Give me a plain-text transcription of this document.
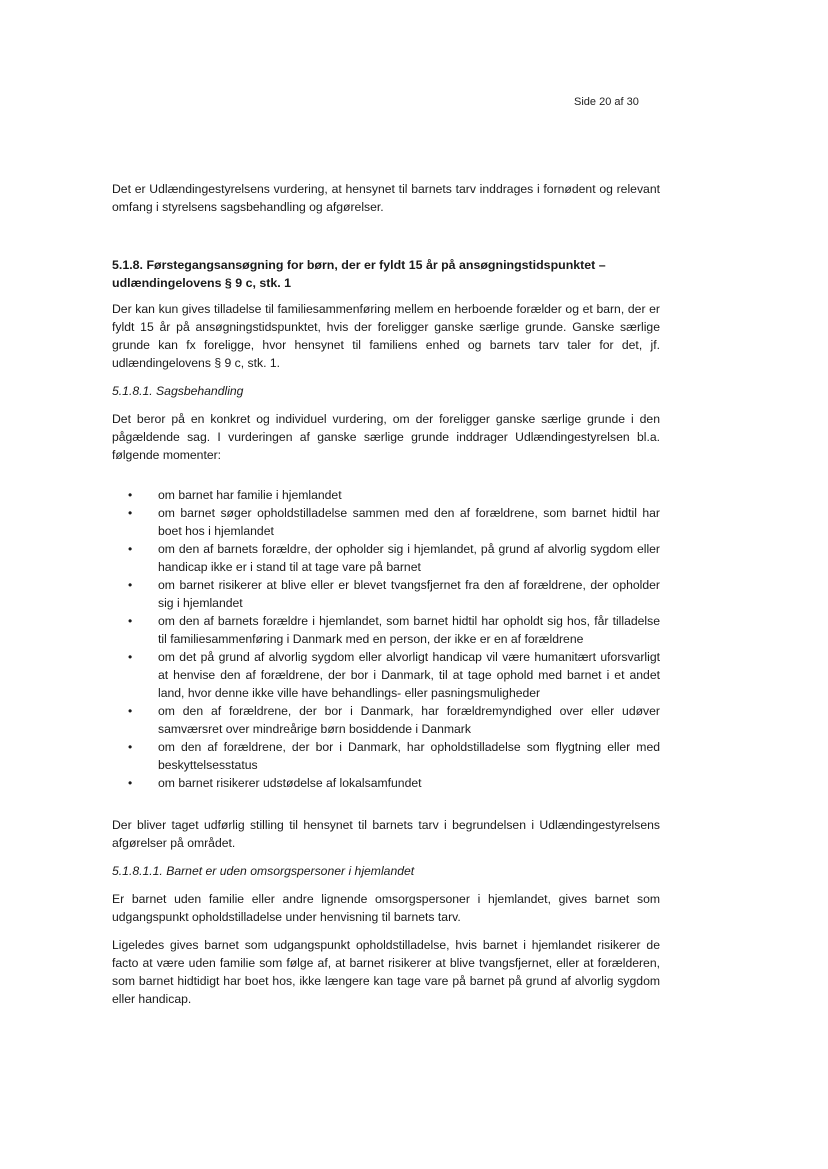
Side 20 af 30

Det er Udlændingestyrelsens vurdering, at hensynet til barnets tarv inddrages i fornødent og relevant omfang i styrelsens sagsbehandling og afgørelser.

5.1.8. Førstegangsansøgning for børn, der er fyldt 15 år på ansøgningstidspunktet – udlændingelovens § 9 c, stk. 1

Der kan kun gives tilladelse til familiesammenføring mellem en herboende forælder og et barn, der er fyldt 15 år på ansøgningstidspunktet, hvis der foreligger ganske særlige grunde. Ganske særlige grunde kan fx foreligge, hvor hensynet til familiens enhed og barnets tarv taler for det, jf. udlændingelovens § 9 c, stk. 1.

5.1.8.1. Sagsbehandling

Det beror på en konkret og individuel vurdering, om der foreligger ganske særlige grunde i den pågældende sag. I vurderingen af ganske særlige grunde inddrager Udlændingestyrelsen bl.a. følgende momenter:

• om barnet har familie i hjemlandet
• om barnet søger opholdstilladelse sammen med den af forældrene, som barnet hidtil har boet hos i hjemlandet
• om den af barnets forældre, der opholder sig i hjemlandet, på grund af alvorlig sygdom eller handicap ikke er i stand til at tage vare på barnet
• om barnet risikerer at blive eller er blevet tvangsfjernet fra den af forældrene, der opholder sig i hjemlandet
• om den af barnets forældre i hjemlandet, som barnet hidtil har opholdt sig hos, får tilladelse til familiesammenføring i Danmark med en person, der ikke er en af forældrene
• om det på grund af alvorlig sygdom eller alvorligt handicap vil være humanitært uforsvarligt at henvise den af forældrene, der bor i Danmark, til at tage ophold med barnet i et andet land, hvor denne ikke ville have behandlings- eller pasningsmuligheder
• om den af forældrene, der bor i Danmark, har forældremyndighed over eller udøver samværsret over mindreårige børn bosiddende i Danmark
• om den af forældrene, der bor i Danmark, har opholdstilladelse som flygtning eller med beskyttelsesstatus
• om barnet risikerer udstødelse af lokalsamfundet

Der bliver taget udførlig stilling til hensynet til barnets tarv i begrundelsen i Udlændingestyrelsens afgørelser på området.

5.1.8.1.1. Barnet er uden omsorgspersoner i hjemlandet

Er barnet uden familie eller andre lignende omsorgspersoner i hjemlandet, gives barnet som udgangspunkt opholdstilladelse under henvisning til barnets tarv.

Ligeledes gives barnet som udgangspunkt opholdstilladelse, hvis barnet i hjemlandet risikerer de facto at være uden familie som følge af, at barnet risikerer at blive tvangsfjernet, eller at forælderen, som barnet hidtidigt har boet hos, ikke længere kan tage vare på barnet på grund af alvorlig sygdom eller handicap.
